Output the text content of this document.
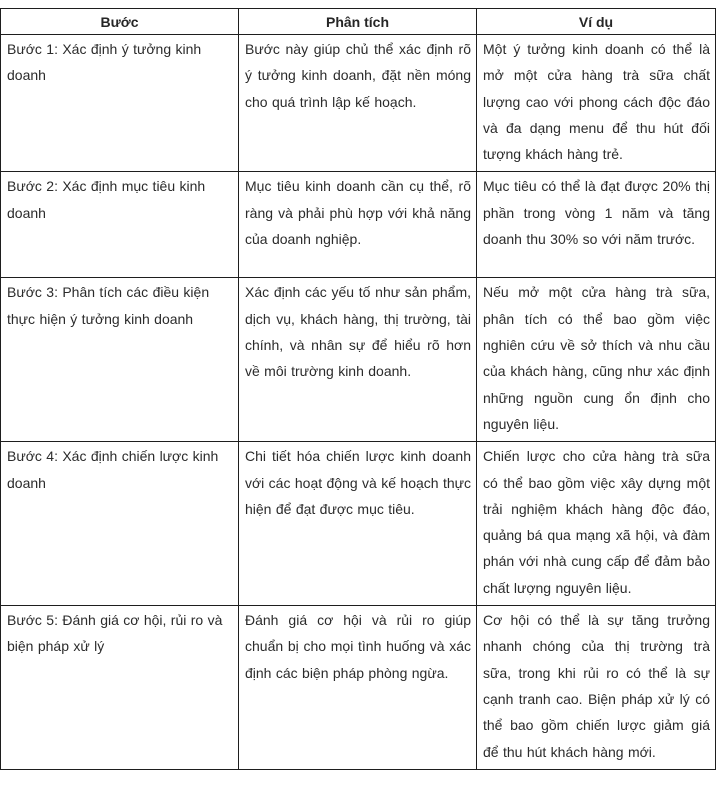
Bước	Phân tích	Ví dụ
Bước 1: Xác định ý tưởng kinh doanh	Bước này giúp chủ thể xác định rõ ý tưởng kinh doanh, đặt nền móng cho quá trình lập kế hoạch.	Một ý tưởng kinh doanh có thể là mở một cửa hàng trà sữa chất lượng cao với phong cách độc đáo và đa dạng menu để thu hút đối tượng khách hàng trẻ.
Bước 2: Xác định mục tiêu kinh doanh	Mục tiêu kinh doanh cần cụ thể, rõ ràng và phải phù hợp với khả năng của doanh nghiệp.	Mục tiêu có thể là đạt được 20% thị phần trong vòng 1 năm và tăng doanh thu 30% so với năm trước.
Bước 3: Phân tích các điều kiện thực hiện ý tưởng kinh doanh	Xác định các yếu tố như sản phẩm, dịch vụ, khách hàng, thị trường, tài chính, và nhân sự để hiểu rõ hơn về môi trường kinh doanh.	Nếu mở một cửa hàng trà sữa, phân tích có thể bao gồm việc nghiên cứu về sở thích và nhu cầu của khách hàng, cũng như xác định những nguồn cung ổn định cho nguyên liệu.
Bước 4: Xác định chiến lược kinh doanh	Chi tiết hóa chiến lược kinh doanh với các hoạt động và kế hoạch thực hiện để đạt được mục tiêu.	Chiến lược cho cửa hàng trà sữa có thể bao gồm việc xây dựng một trải nghiệm khách hàng độc đáo, quảng bá qua mạng xã hội, và đàm phán với nhà cung cấp để đảm bảo chất lượng nguyên liệu.
Bước 5: Đánh giá cơ hội, rủi ro và biện pháp xử lý	Đánh giá cơ hội và rủi ro giúp chuẩn bị cho mọi tình huống và xác định các biện pháp phòng ngừa.	Cơ hội có thể là sự tăng trưởng nhanh chóng của thị trường trà sữa, trong khi rủi ro có thể là sự cạnh tranh cao. Biện pháp xử lý có thể bao gồm chiến lược giảm giá để thu hút khách hàng mới.
